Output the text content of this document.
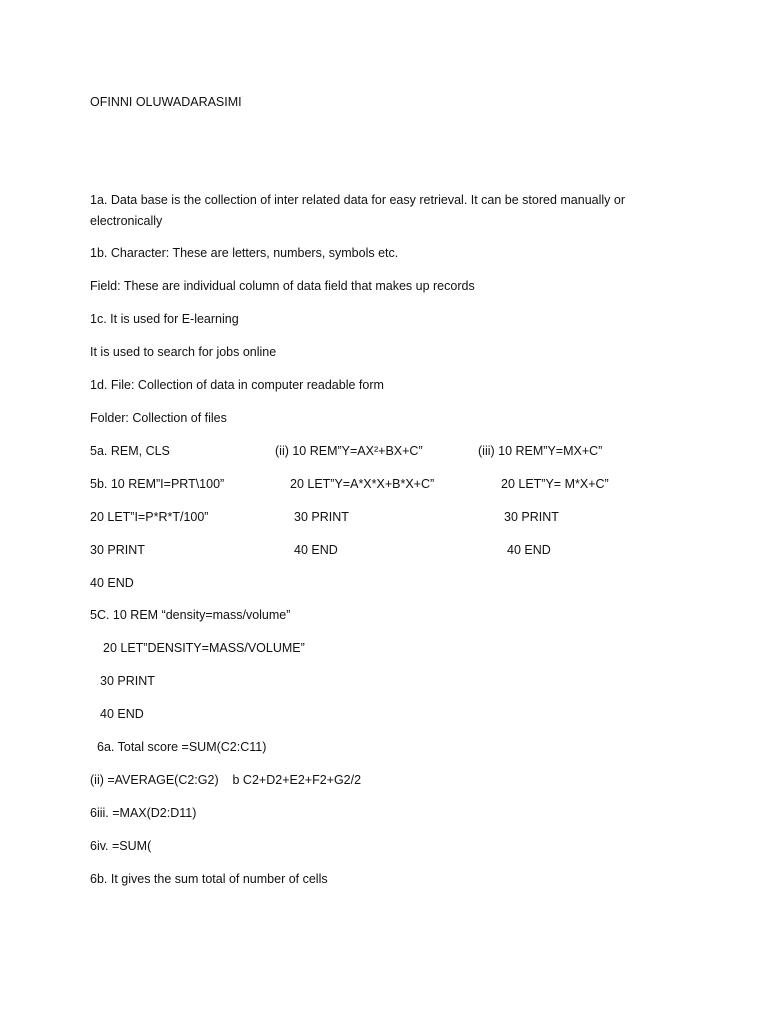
OFINNI OLUWADARASIMI
1a. Data base is the collection of inter related data for easy retrieval. It can be stored manually or electronically
1b. Character: These are letters, numbers, symbols etc.
Field: These are individual column of data field that makes up records
1c. It is used for E-learning
It is used to search for jobs online
1d. File: Collection of data in computer readable form
Folder: Collection of files
5a. REM, CLS	(ii) 10 REM”Y=AX²+BX+C”	(iii) 10 REM”Y=MX+C”
5b. 10 REM”I=PRT\100”	20 LET”Y=A*X*X+B*X+C”	20 LET”Y= M*X+C”
20 LET”I=P*R*T/100”	30 PRINT	30 PRINT
30 PRINT	40 END	40 END
40 END
5C. 10 REM “density=mass/volume”
20 LET”DENSITY=MASS/VOLUME”
30 PRINT
40 END
6a. Total score =SUM(C2:C11)
(ii) =AVERAGE(C2:G2)    b C2+D2+E2+F2+G2/2
6iii. =MAX(D2:D11)
6iv. =SUM(
6b. It gives the sum total of number of cells
